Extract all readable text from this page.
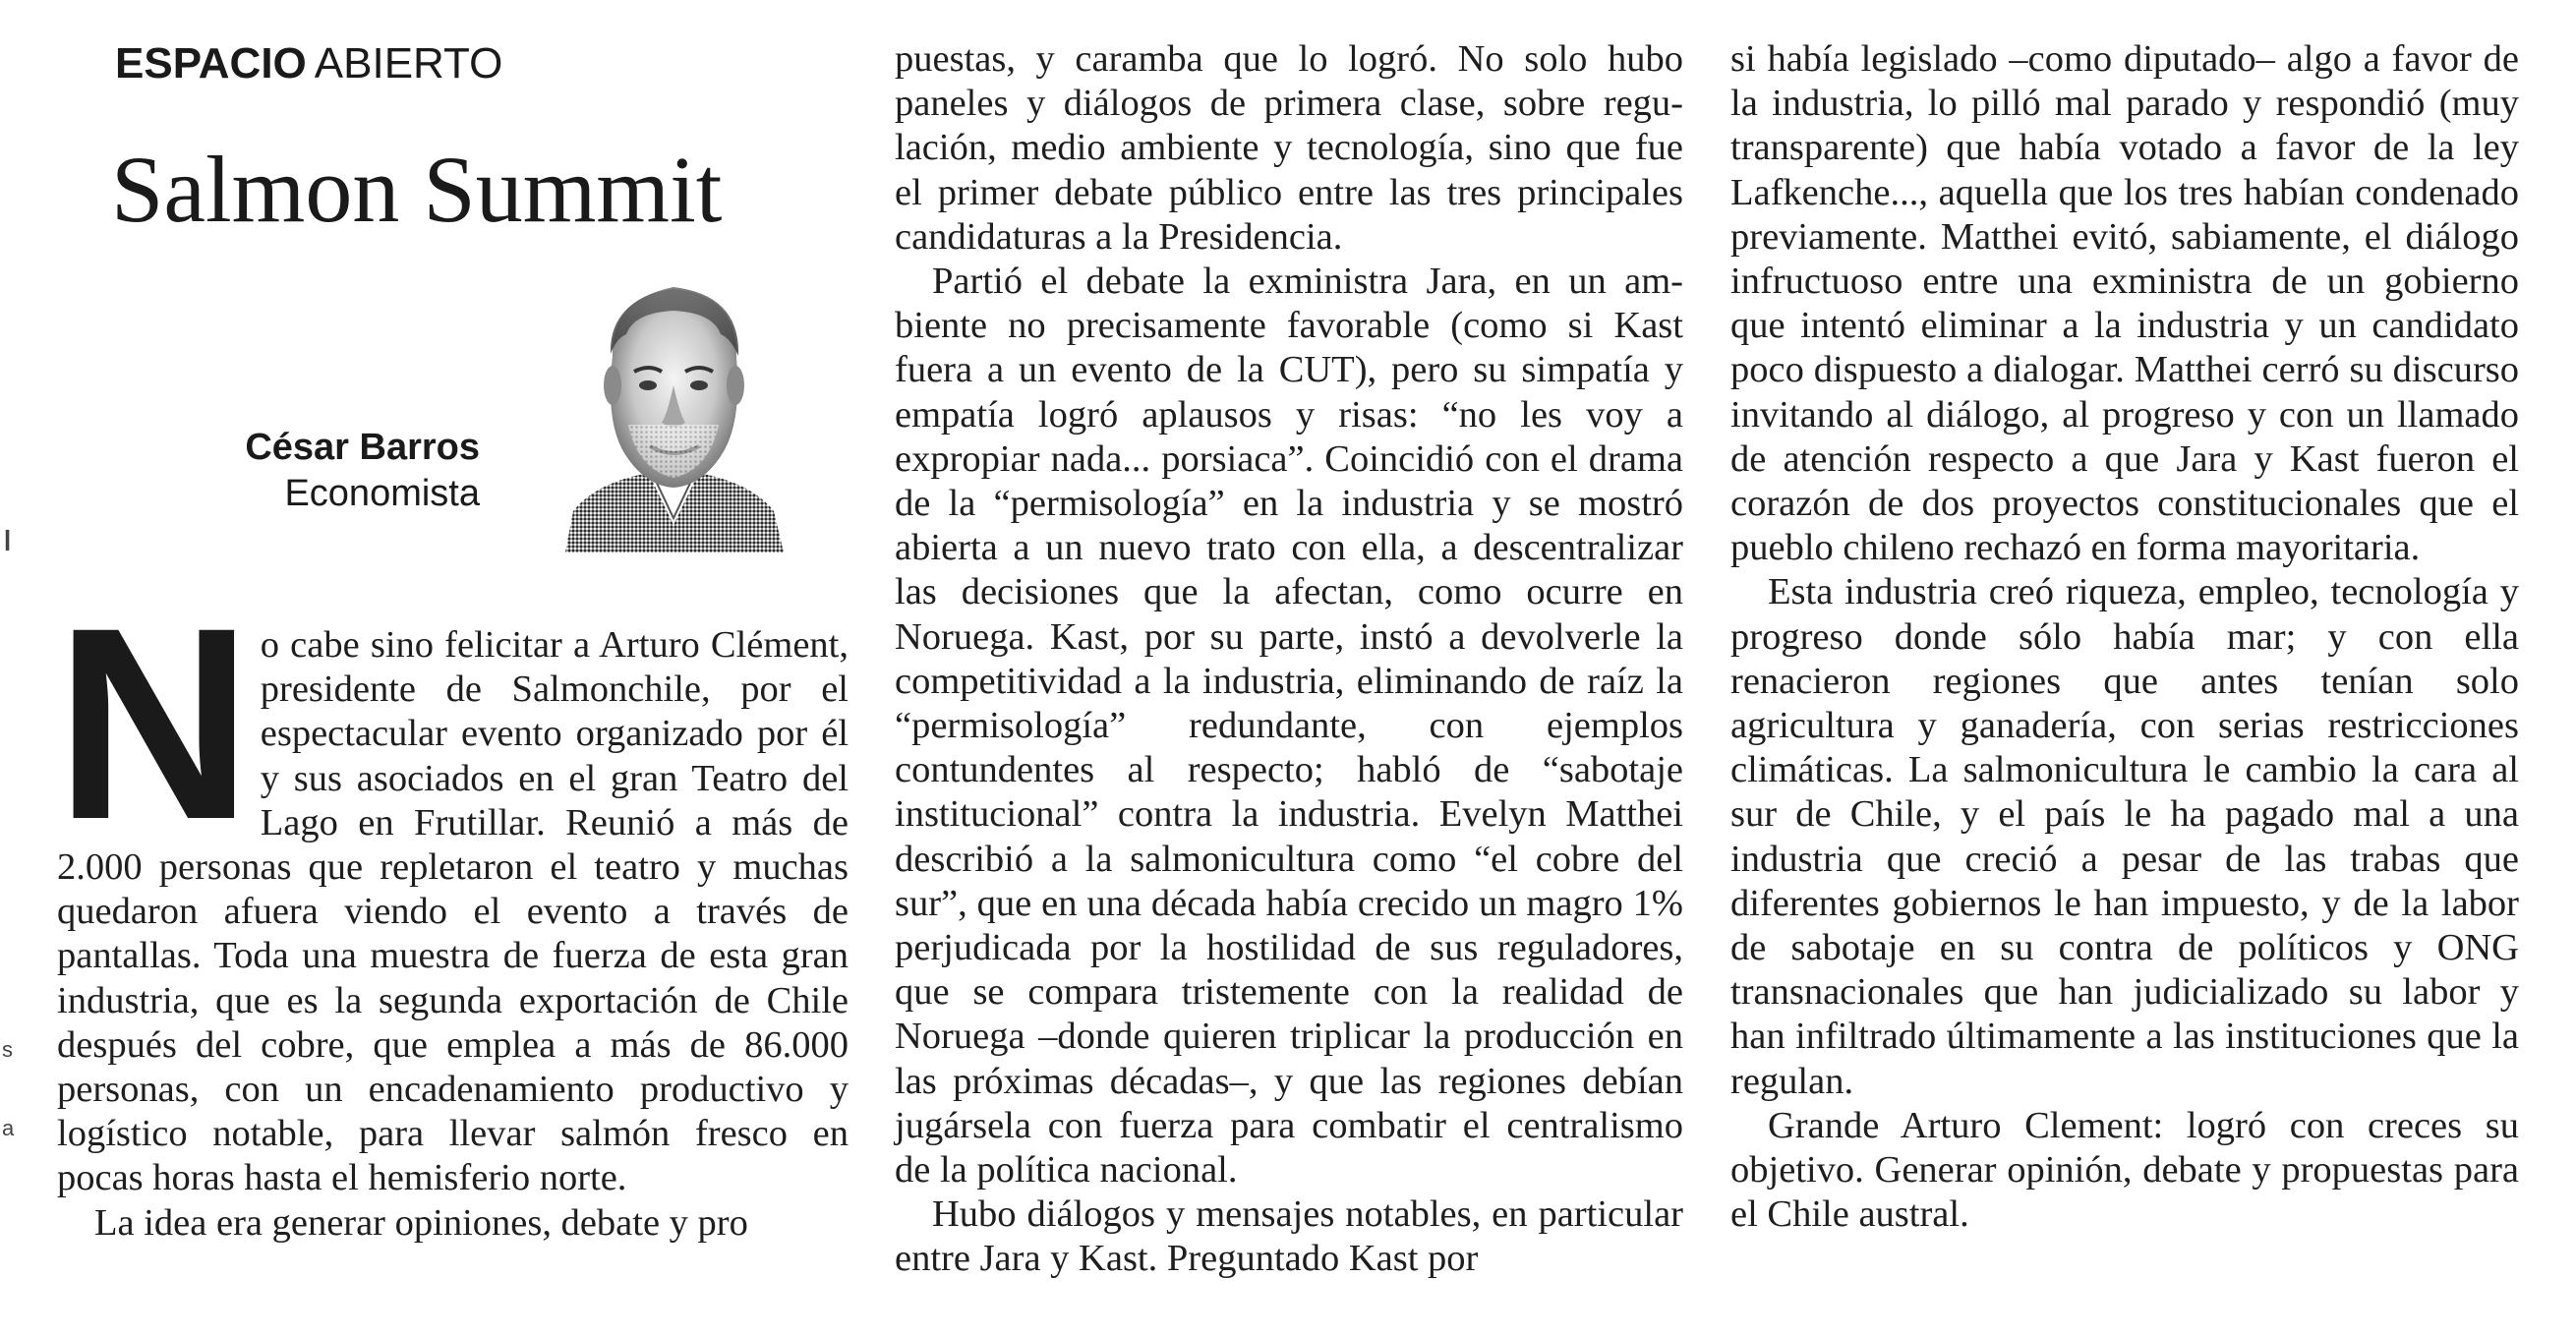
ı
s
a
ESPACIO ABIERTO
Salmon Summit
César Barros
Economista

No cabe sino felicitar a Arturo Clément, presidente de Salmonchile, por el espectacular evento organizado por él y sus asociados en el gran Teatro del Lago en Frutillar. Reunió a más de 2.000 personas que repletaron el teatro y muchas quedaron afuera viendo el evento a través de pantallas. Toda una muestra de fuerza de esta gran industria, que es la segunda exportación de Chile después del cobre, que emplea a más de 86.000 personas, con un encadenamiento productivo y logístico notable, para llevar salmón fresco en pocas horas hasta el hemisferio norte.

La idea era generar opiniones, debate y pro

puestas, y caramba que lo logró. No solo hubo paneles y diálogos de primera clase, sobre regulación, medio ambiente y tecnología, sino que fue el primer debate público entre las tres principales candidaturas a la Presidencia.

Partió el debate la exministra Jara, en un ambiente no precisamente favorable (como si Kast fuera a un evento de la CUT), pero su simpatía y empatía logró aplausos y risas: “no les voy a expropiar nada... porsiaca”. Coincidió con el drama de la “permisología” en la industria y se mostró abierta a un nuevo trato con ella, a descentralizar las decisiones que la afectan, como ocurre en Noruega. Kast, por su parte, instó a devolverle la competitividad a la industria, eliminando de raíz la “permisología” redundante, con ejemplos contundentes al respecto; habló de “sabotaje institucional” contra la industria. Evelyn Matthei describió a la salmonicultura como “el cobre del sur”, que en una década había crecido un magro 1% perjudicada por la hostilidad de sus reguladores, que se compara tristemente con la realidad de Noruega –donde quieren triplicar la producción en las próximas décadas–, y que las regiones debían jugársela con fuerza para combatir el centralismo de la política nacional.

Hubo diálogos y mensajes notables, en particular entre Jara y Kast. Preguntado Kast por

si había legislado –como diputado– algo a favor de la industria, lo pilló mal parado y respondió (muy transparente) que había votado a favor de la ley Lafkenche..., aquella que los tres habían condenado previamente. Matthei evitó, sabiamente, el diálogo infructuoso entre una exministra de un gobierno que intentó eliminar a la industria y un candidato poco dispuesto a dialogar. Matthei cerró su discurso invitando al diálogo, al progreso y con un llamado de atención respecto a que Jara y Kast fueron el corazón de dos proyectos constitucionales que el pueblo chileno rechazó en forma mayoritaria.

Esta industria creó riqueza, empleo, tecnología y progreso donde sólo había mar; y con ella renacieron regiones que antes tenían solo agricultura y ganadería, con serias restricciones climáticas. La salmonicultura le cambio la cara al sur de Chile, y el país le ha pagado mal a una industria que creció a pesar de las trabas que diferentes gobiernos le han impuesto, y de la labor de sabotaje en su contra de políticos y ONG transnacionales que han judicializado su labor y han infiltrado últimamente a las instituciones que la regulan.

Grande Arturo Clement: logró con creces su objetivo. Generar opinión, debate y propuestas para el Chile austral.
